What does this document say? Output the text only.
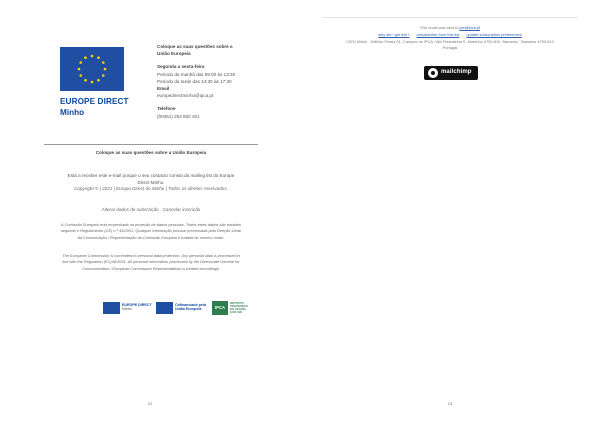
EUROPE DIRECT
Minho
Coloque as suas questões sobre a
União Europeia
Segunda a sexta-feira
Período da manhã das 09:00 às 13:30
Período da tarde das 14:30 às 17:30
Email
europedirectminho@ipca.pt
Telefone
(00351) 253 802 201
Coloque as suas questões sobre a União Europeia
Está a receber este e-mail porque o seu contacto consta da mailing list do Europe
Direct Minho.
Copyright © | 2021 | Europe Direct do Minho | Todos os direitos reservados.
Alterar dados de subscrição Cancelar inscrição
A Comissão Europeia está empenhada na proteção de dados pessoais. Todos estes dados são tratados
segundo o Regulamento (CE) n.º 45/2001. Qualquer informação pessoal processada pela Direção-Geral
da Comunicação / Representação da Comissão Europeia é tratada do mesmo modo.
The European Commission is committed to personal data protection. Any personal data is processed in
line with the Regulation (EC)45/2001. All personal information processed by the Directorate General for
Communication / European Commission Representations is treated accordingly.
EUROPE DIRECT
Minho
Cofinanciado pela
União Europeia	IPCA
INSTITUTO
POLITÉCNICO
DO CÁVADO
E DO AVE
12
This email was sent to joe@ipca.pt
why did I get this? unsubscribe from this list update subscription preferences
CIED Minho · Edifício Praxis 01, Campus do IPCA, Vila Frescainha S. Martinho 4750-810, Barcelos · Barcelos 4750-810
Portugal
mailchimp
13
